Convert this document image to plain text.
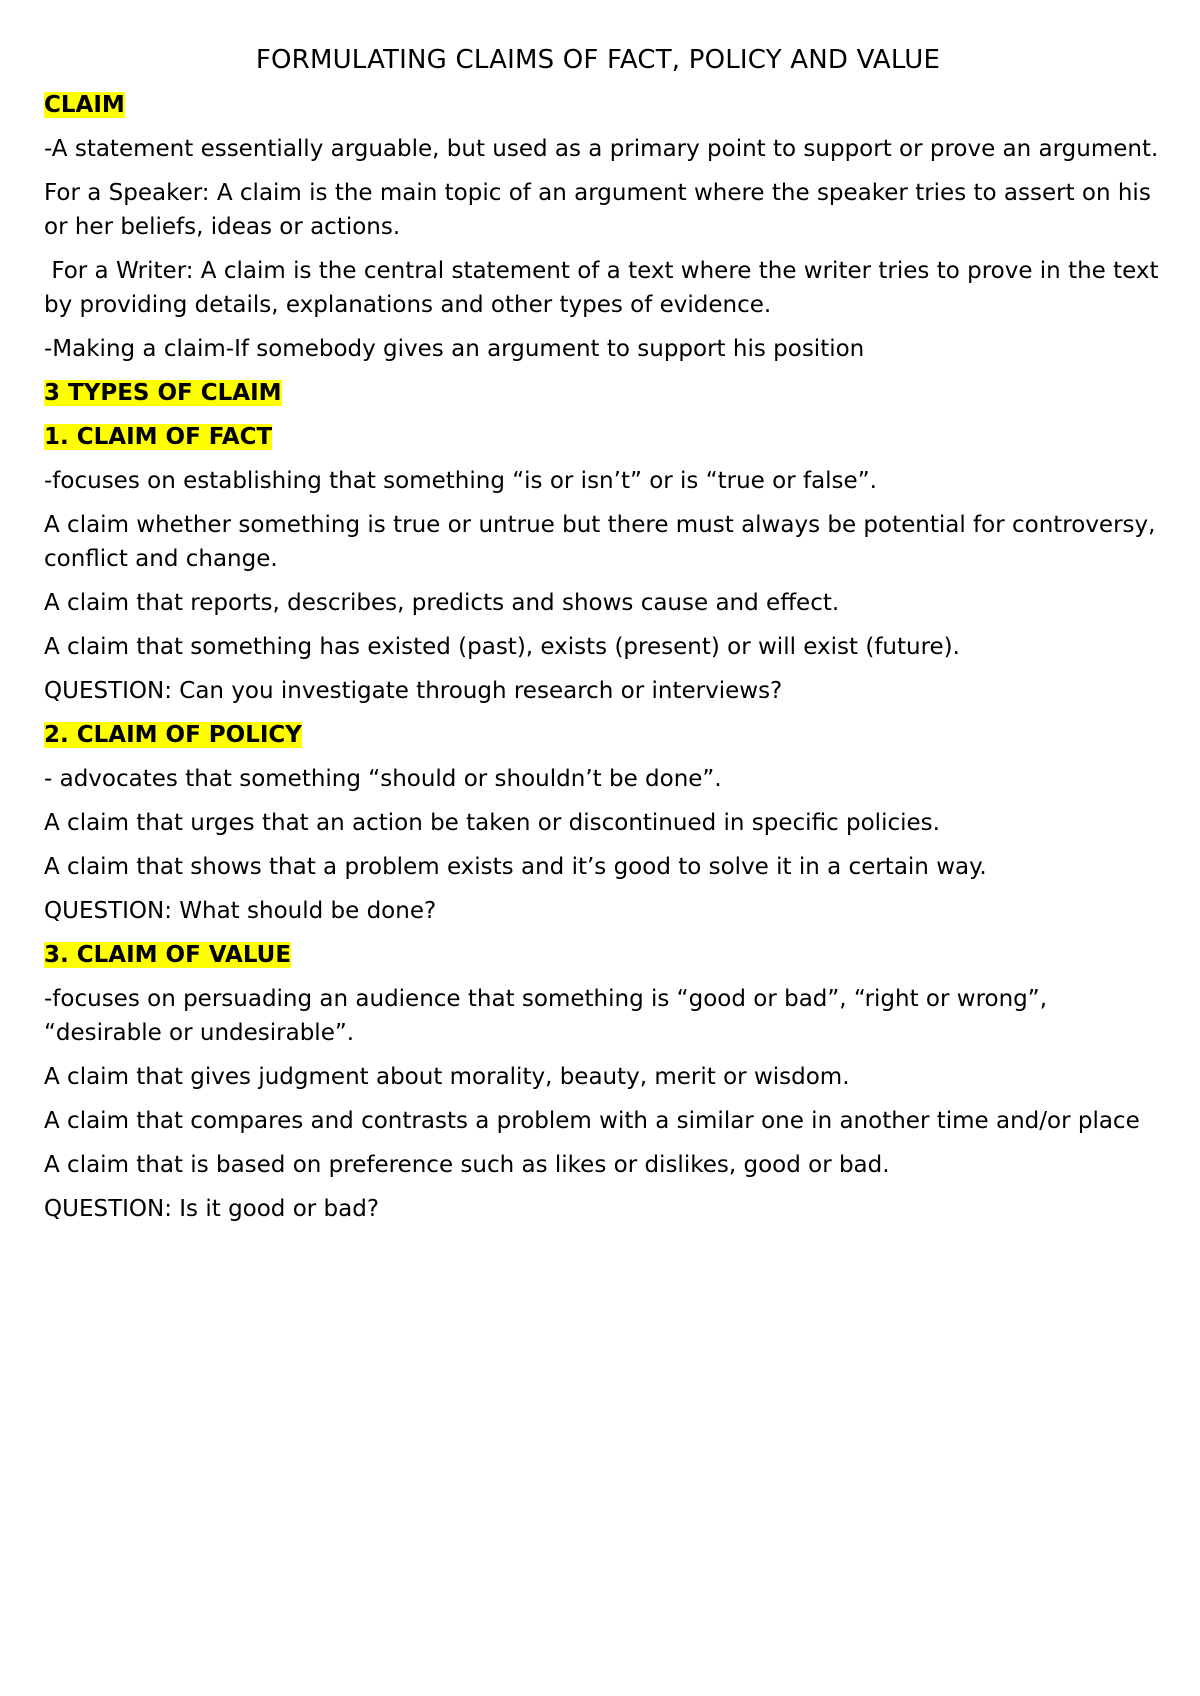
FORMULATING CLAIMS OF FACT, POLICY AND VALUE
CLAIM
-A statement essentially arguable, but used as a primary point to support or prove an argument.
For a Speaker: A claim is the main topic of an argument where the speaker tries to assert on his or her beliefs, ideas or actions.
For a Writer: A claim is the central statement of a text where the writer tries to prove in the text by providing details, explanations and other types of evidence.
-Making a claim-If somebody gives an argument to support his position
3 TYPES OF CLAIM
1. CLAIM OF FACT
-focuses on establishing that something “is or isn’t” or is “true or false”.
A claim whether something is true or untrue but there must always be potential for controversy, conflict and change.
A claim that reports, describes, predicts and shows cause and effect.
A claim that something has existed (past), exists (present) or will exist (future).
QUESTION: Can you investigate through research or interviews?
2. CLAIM OF POLICY
- advocates that something “should or shouldn’t be done”.
A claim that urges that an action be taken or discontinued in specific policies.
A claim that shows that a problem exists and it’s good to solve it in a certain way.
QUESTION: What should be done?
3. CLAIM OF VALUE
-focuses on persuading an audience that something is “good or bad”, “right or wrong”, “desirable or undesirable”.
A claim that gives judgment about morality, beauty, merit or wisdom.
A claim that compares and contrasts a problem with a similar one in another time and/or place
A claim that is based on preference such as likes or dislikes, good or bad.
QUESTION: Is it good or bad?
